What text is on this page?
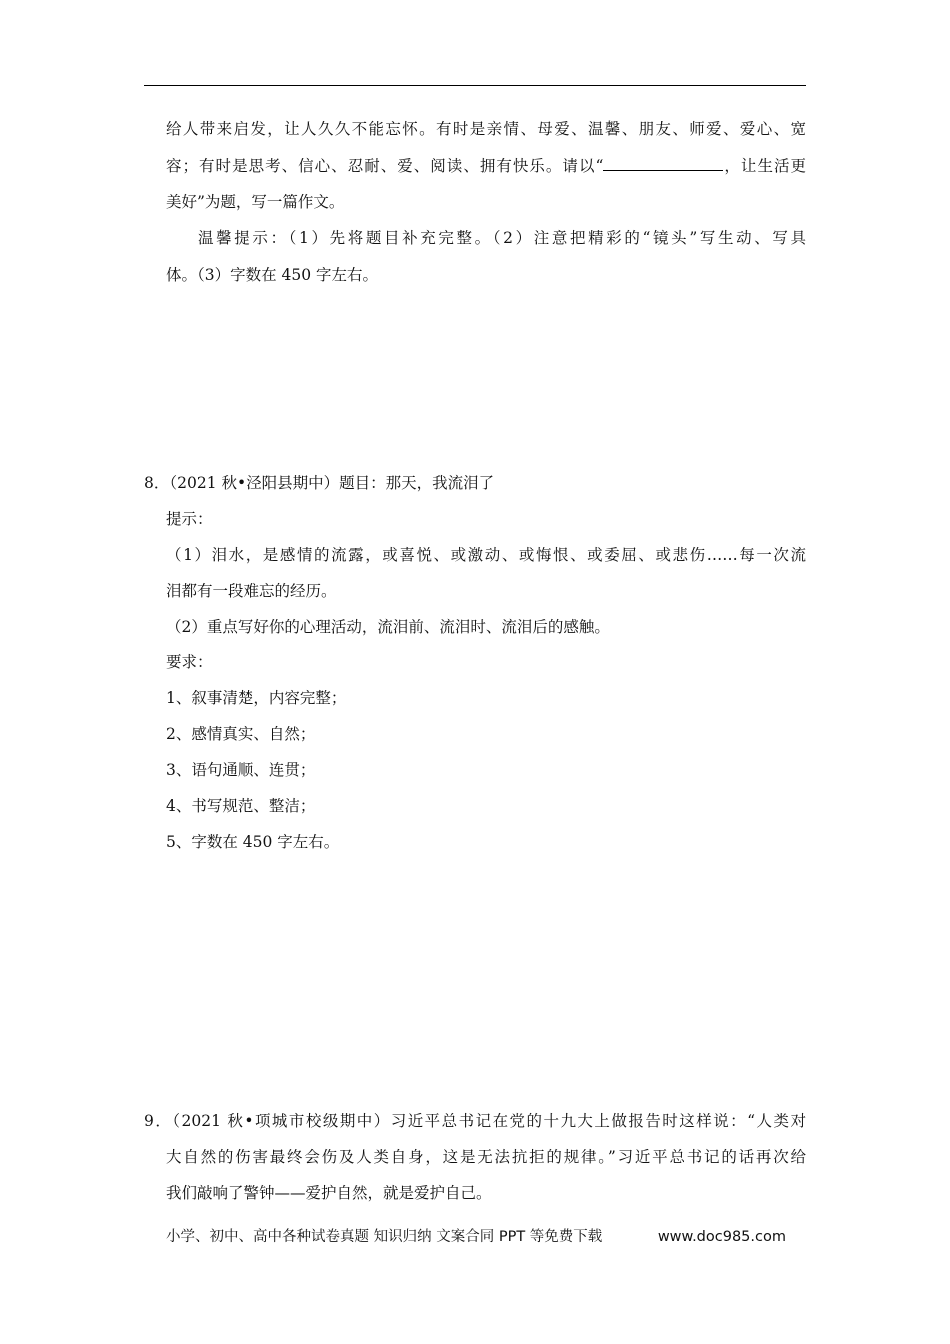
给人带来启发，让人久久不能忘怀。有时是亲情、母爱、温馨、朋友、师爱、爱心、宽
容；有时是思考、信心、忍耐、爱、阅读、拥有快乐。请以“	，让生活更
美好”为题，写一篇作文。
温馨提示：（1）先将题目补充完整。（2）注意把精彩的“镜头”写生动、写具
体。（3）字数在 450 字左右。
8．（2021 秋•泾阳县期中）题目：那天，我流泪了
提示：
（1）泪水，是感情的流露，或喜悦、或激动、或悔恨、或委屈、或悲伤……每一次流
泪都有一段难忘的经历。
（2）重点写好你的心理活动，流泪前、流泪时、流泪后的感触。
要求：
1、叙事清楚，内容完整；
2、感情真实、自然；
3、语句通顺、连贯；
4、书写规范、整洁；
5、字数在 450 字左右。
9．（2021 秋•项城市校级期中）习近平总书记在党的十九大上做报告时这样说：“人类对
大自然的伤害最终会伤及人类自身，这是无法抗拒的规律。”习近平总书记的话再次给
我们敲响了警钟——爱护自然，就是爱护自己。
小学、初中、高中各种试卷真题 知识归纳 文案合同 PPT 等免费下载	www.doc985.com
